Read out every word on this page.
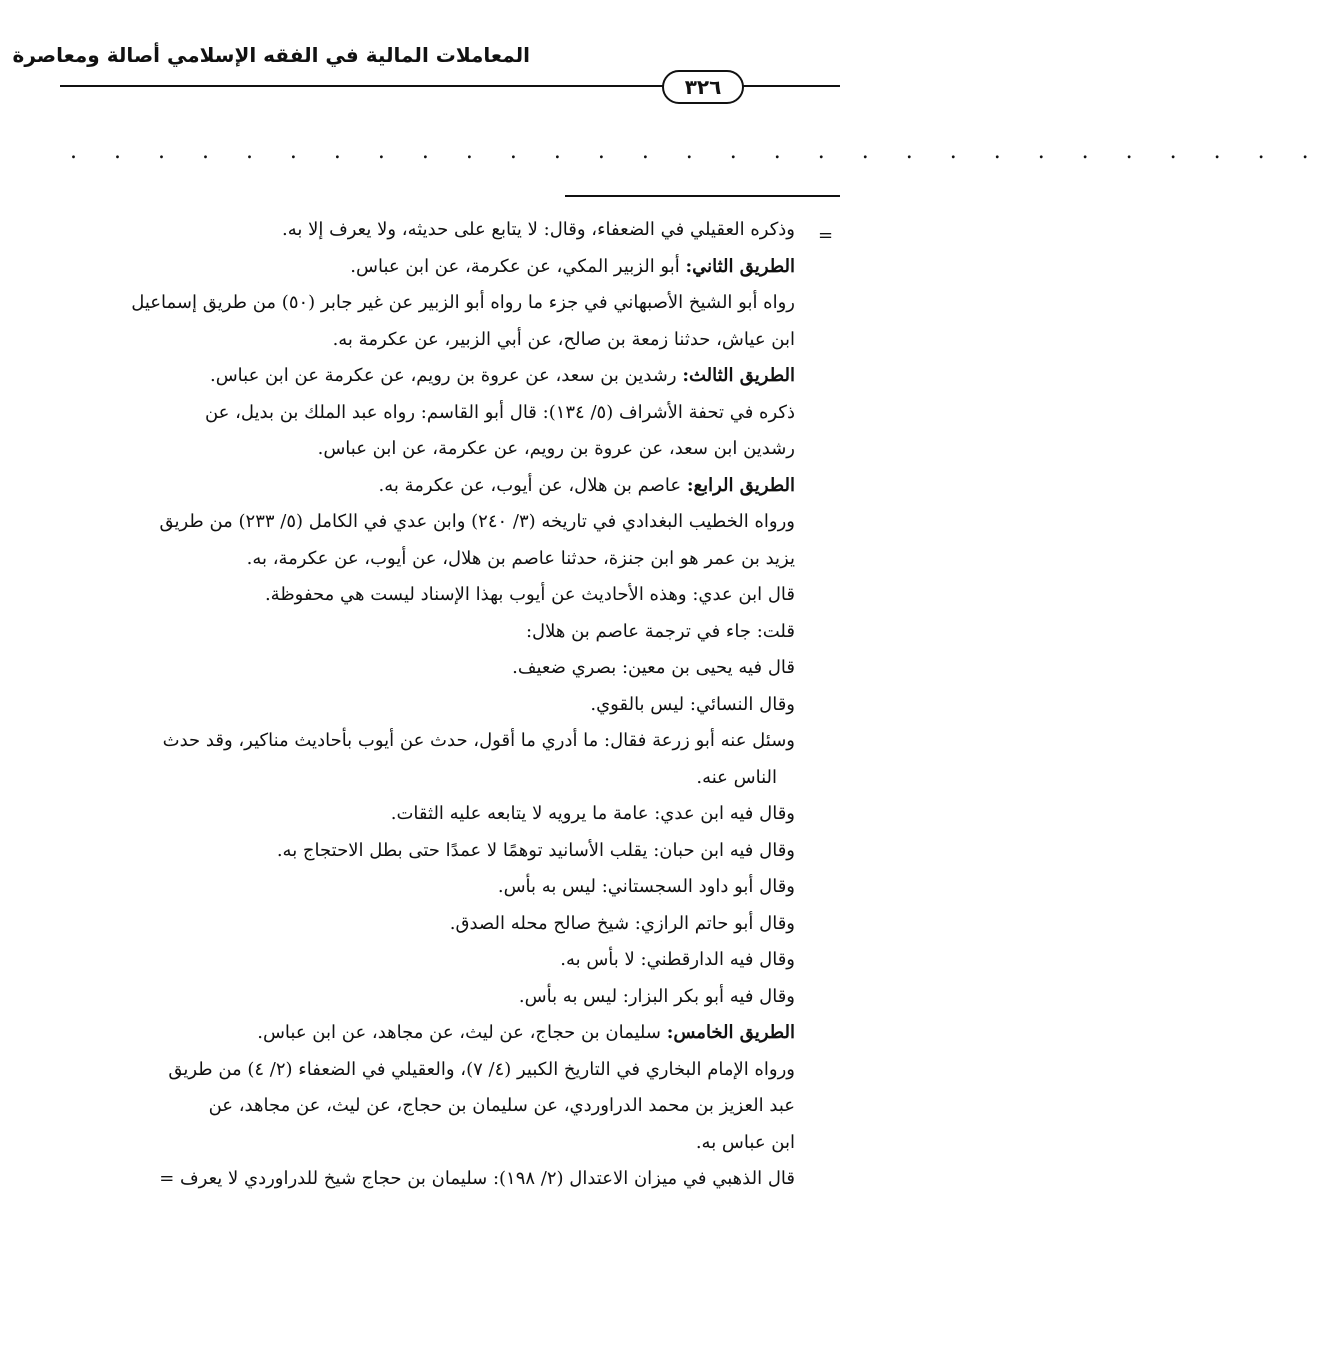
المعاملات المالية في الفقه الإسلامي أصالة ومعاصرة
٣٢٦
. . . . . . . . . . . . . . . . . . . . . . . . . . . . .
=
وذكره العقيلي في الضعفاء، وقال: لا يتابع على حديثه، ولا يعرف إلا به.
الطريق الثاني: أبو الزبير المكي، عن عكرمة، عن ابن عباس.
رواه أبو الشيخ الأصبهاني في جزء ما رواه أبو الزبير عن غير جابر (٥٠) من طريق إسماعيل
ابن عياش، حدثنا زمعة بن صالح، عن أبي الزبير، عن عكرمة به.
الطريق الثالث: رشدين بن سعد، عن عروة بن رويم، عن عكرمة عن ابن عباس.
ذكره في تحفة الأشراف (٥/ ١٣٤): قال أبو القاسم: رواه عبد الملك بن بديل، عن
رشدين ابن سعد، عن عروة بن رويم، عن عكرمة، عن ابن عباس.
الطريق الرابع: عاصم بن هلال، عن أيوب، عن عكرمة به.
ورواه الخطيب البغدادي في تاريخه (٣/ ٢٤٠) وابن عدي في الكامل (٥/ ٢٣٣) من طريق
يزيد بن عمر هو ابن جنزة، حدثنا عاصم بن هلال، عن أيوب، عن عكرمة، به.
قال ابن عدي: وهذه الأحاديث عن أيوب بهذا الإسناد ليست هي محفوظة.
قلت: جاء في ترجمة عاصم بن هلال:
قال فيه يحيى بن معين: بصري ضعيف.
وقال النسائي: ليس بالقوي.
وسئل عنه أبو زرعة فقال: ما أدري ما أقول، حدث عن أيوب بأحاديث مناكير، وقد حدث
الناس عنه.
وقال فيه ابن عدي: عامة ما يرويه لا يتابعه عليه الثقات.
وقال فيه ابن حبان: يقلب الأسانيد توهمًا لا عمدًا حتى بطل الاحتجاج به.
وقال أبو داود السجستاني: ليس به بأس.
وقال أبو حاتم الرازي: شيخ صالح محله الصدق.
وقال فيه الدارقطني: لا بأس به.
وقال فيه أبو بكر البزار: ليس به بأس.
الطريق الخامس: سليمان بن حجاج، عن ليث، عن مجاهد، عن ابن عباس.
ورواه الإمام البخاري في التاريخ الكبير (٤/ ٧)، والعقيلي في الضعفاء (٢/ ٤) من طريق
عبد العزيز بن محمد الدراوردي، عن سليمان بن حجاج، عن ليث، عن مجاهد، عن
ابن عباس به.
قال الذهبي في ميزان الاعتدال (٢/ ١٩٨): سليمان بن حجاج شيخ للدراوردي لا يعرف =
